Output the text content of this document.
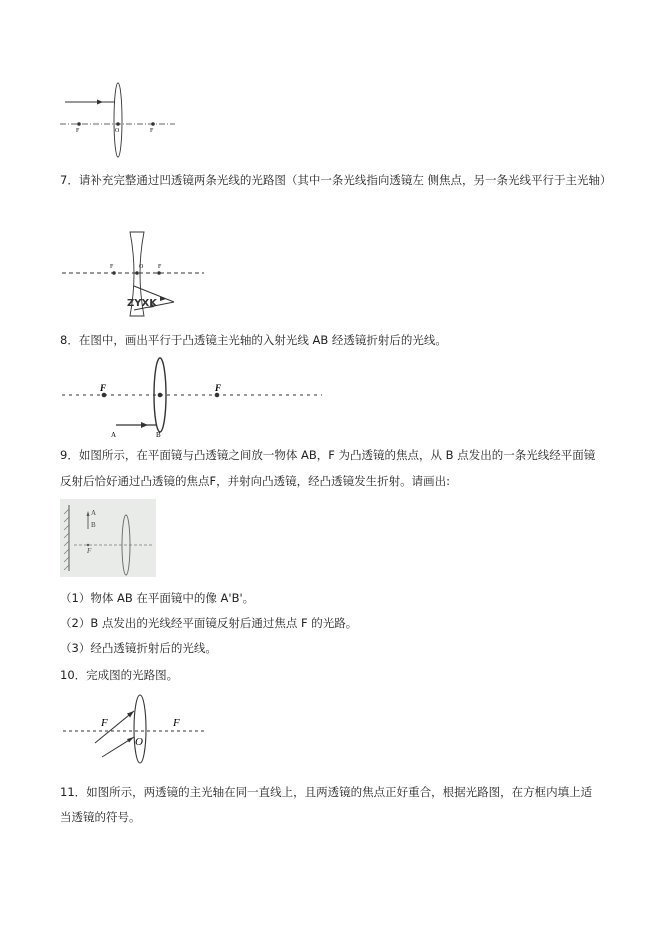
F	O	F
7．请补充完整通过凹透镜两条光线的光路图（其中一条光线指向透镜左 侧焦点，另一条光线平行于主光轴）
F	O F
ZYXK
8．在图中，画出平行于凸透镜主光轴的入射光线 AB 经透镜折射后的光线。
F	F
A	B
9．如图所示，在平面镜与凸透镜之间放一物体 AB，F 为凸透镜的焦点，从 B 点发出的一条光线经平面镜
反射后恰好通过凸透镜的焦点F，并射向凸透镜，经凸透镜发生折射。请画出:
A
B
F
（1）物体 AB 在平面镜中的像 A'B'。
（2）B 点发出的光线经平面镜反射后通过焦点 F 的光路。
（3）经凸透镜折射后的光线。
10．完成图的光路图。
F	F
O
11．如图所示，两透镜的主光轴在同一直线上，且两透镜的焦点正好重合，根据光路图，在方框内填上适
当透镜的符号。
